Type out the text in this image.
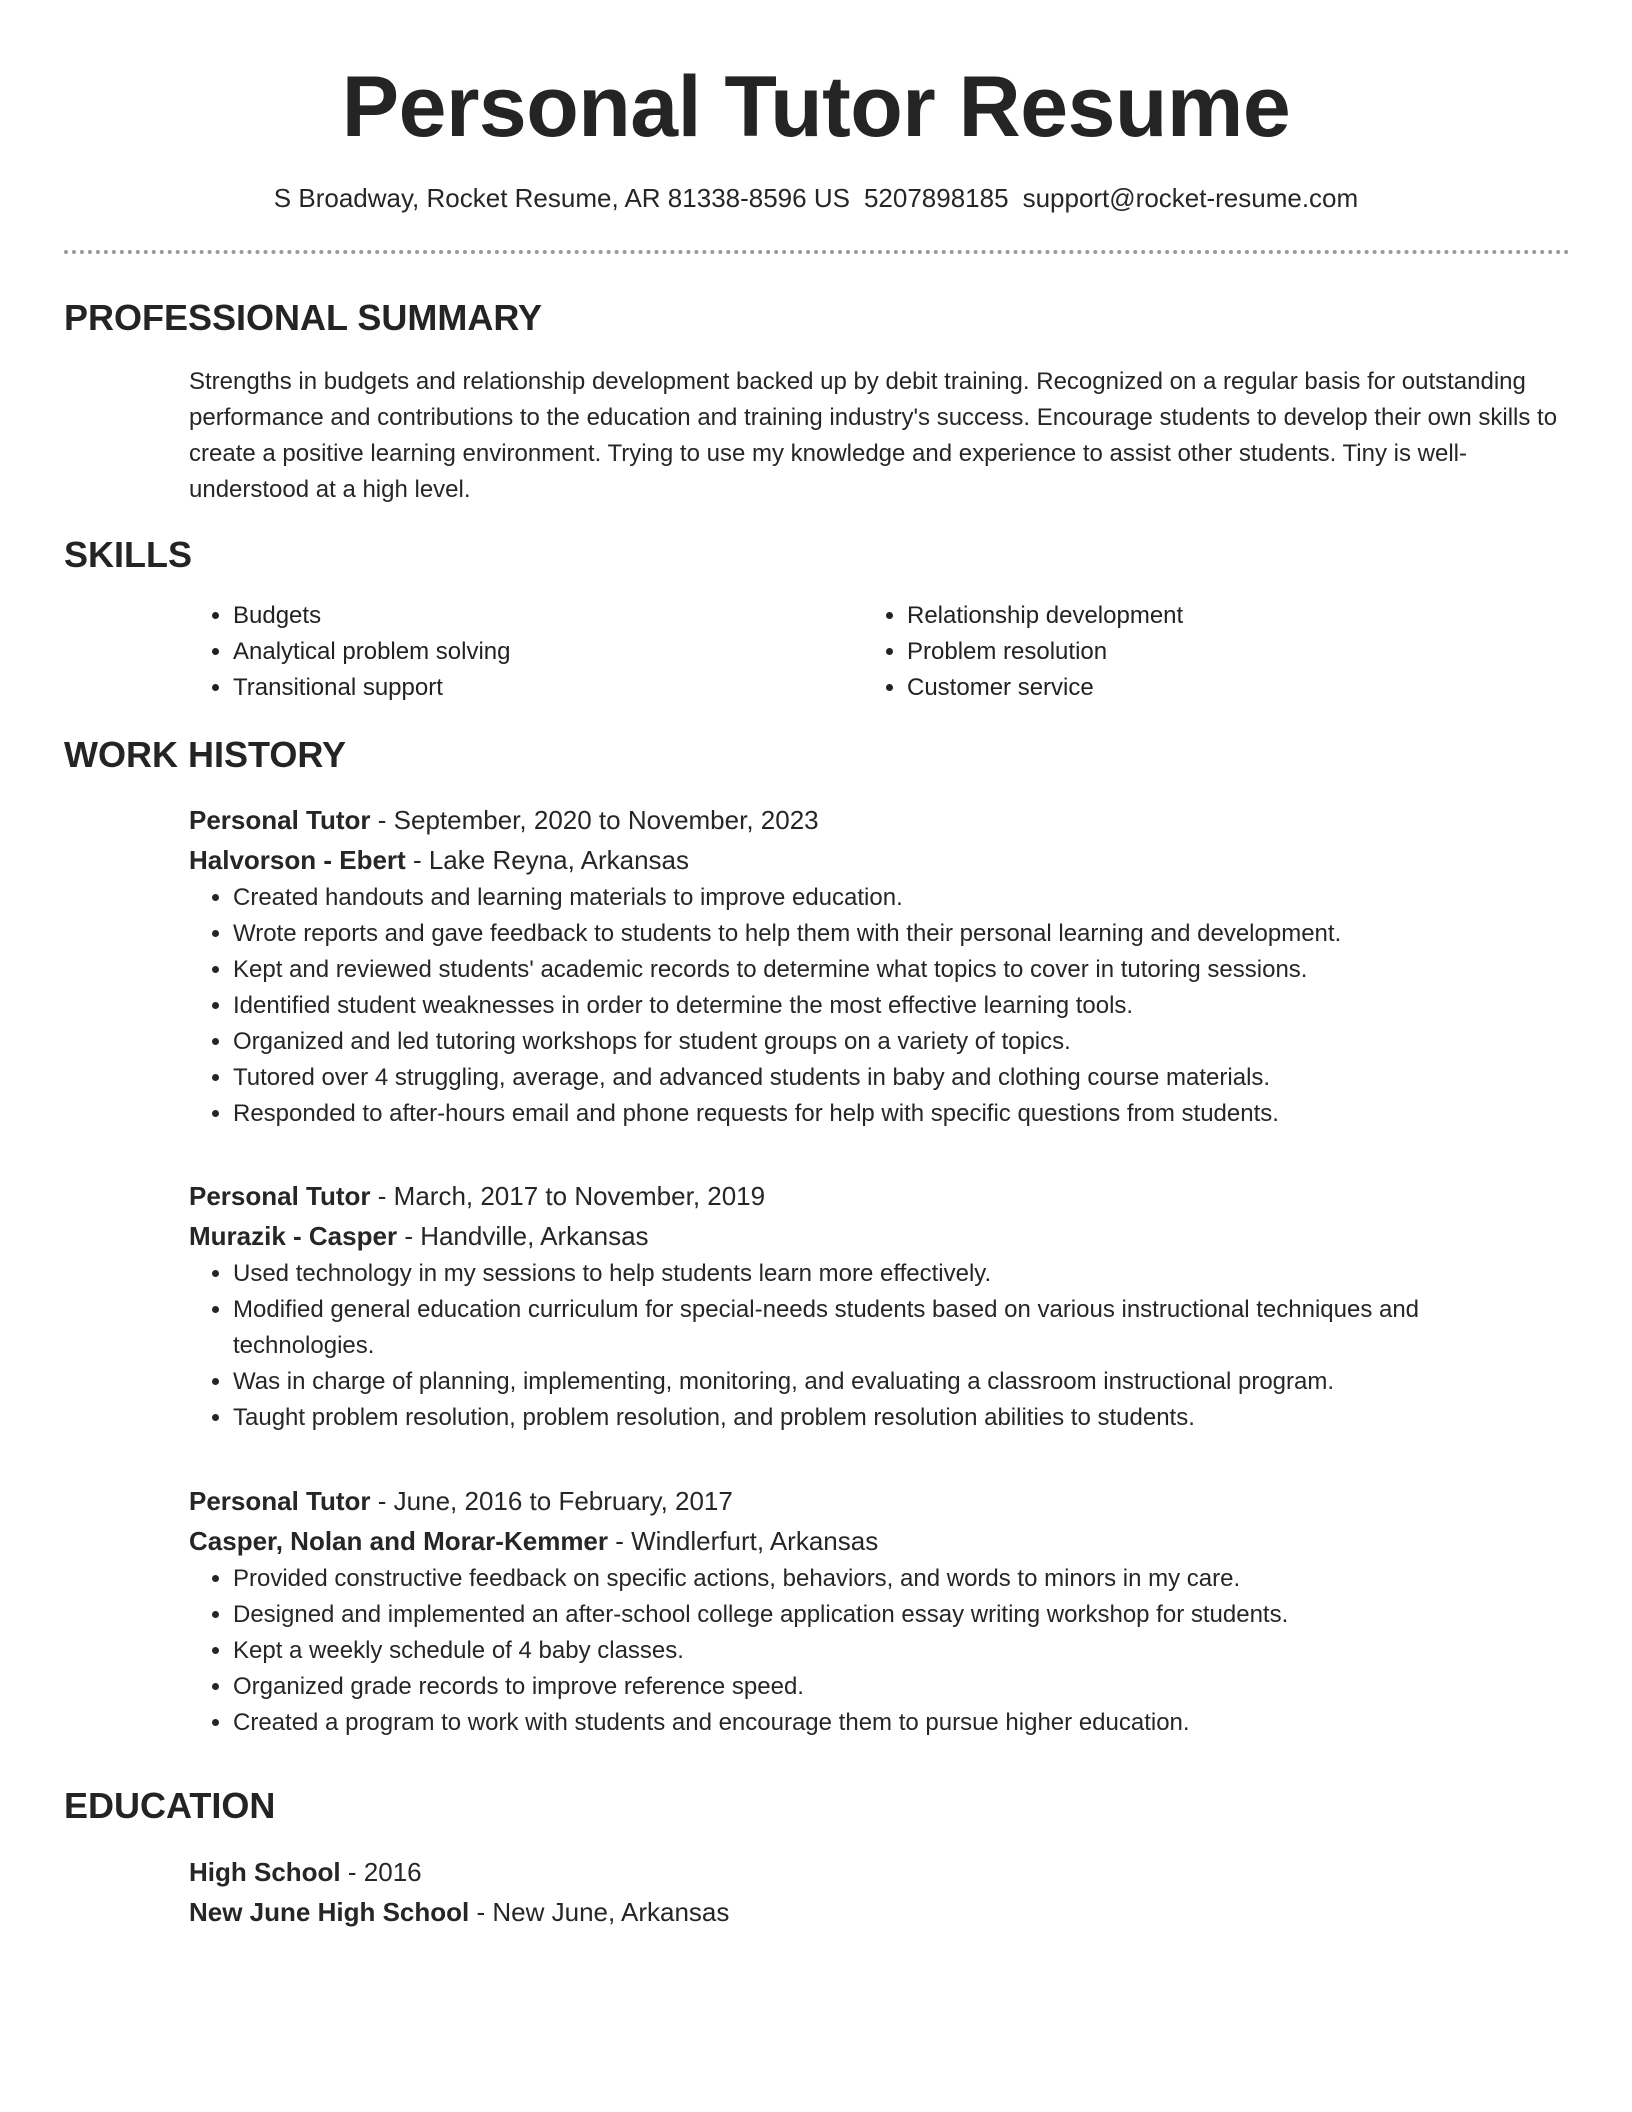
Personal Tutor Resume
S Broadway, Rocket Resume, AR 81338-8596 US 5207898185 support@rocket-resume.com
PROFESSIONAL SUMMARY
Strengths in budgets and relationship development backed up by debit training. Recognized on a regular basis for outstanding performance and contributions to the education and training industry's success. Encourage students to develop their own skills to create a positive learning environment. Trying to use my knowledge and experience to assist other students. Tiny is well-understood at a high level.
SKILLS
• Budgets
• Analytical problem solving
• Transitional support
• Relationship development
• Problem resolution
• Customer service
WORK HISTORY
Personal Tutor - September, 2020 to November, 2023
Halvorson - Ebert - Lake Reyna, Arkansas
• Created handouts and learning materials to improve education.
• Wrote reports and gave feedback to students to help them with their personal learning and development.
• Kept and reviewed students' academic records to determine what topics to cover in tutoring sessions.
• Identified student weaknesses in order to determine the most effective learning tools.
• Organized and led tutoring workshops for student groups on a variety of topics.
• Tutored over 4 struggling, average, and advanced students in baby and clothing course materials.
• Responded to after-hours email and phone requests for help with specific questions from students.
Personal Tutor - March, 2017 to November, 2019
Murazik - Casper - Handville, Arkansas
• Used technology in my sessions to help students learn more effectively.
• Modified general education curriculum for special-needs students based on various instructional techniques and technologies.
• Was in charge of planning, implementing, monitoring, and evaluating a classroom instructional program.
• Taught problem resolution, problem resolution, and problem resolution abilities to students.
Personal Tutor - June, 2016 to February, 2017
Casper, Nolan and Morar-Kemmer - Windlerfurt, Arkansas
• Provided constructive feedback on specific actions, behaviors, and words to minors in my care.
• Designed and implemented an after-school college application essay writing workshop for students.
• Kept a weekly schedule of 4 baby classes.
• Organized grade records to improve reference speed.
• Created a program to work with students and encourage them to pursue higher education.
EDUCATION
High School - 2016
New June High School - New June, Arkansas
